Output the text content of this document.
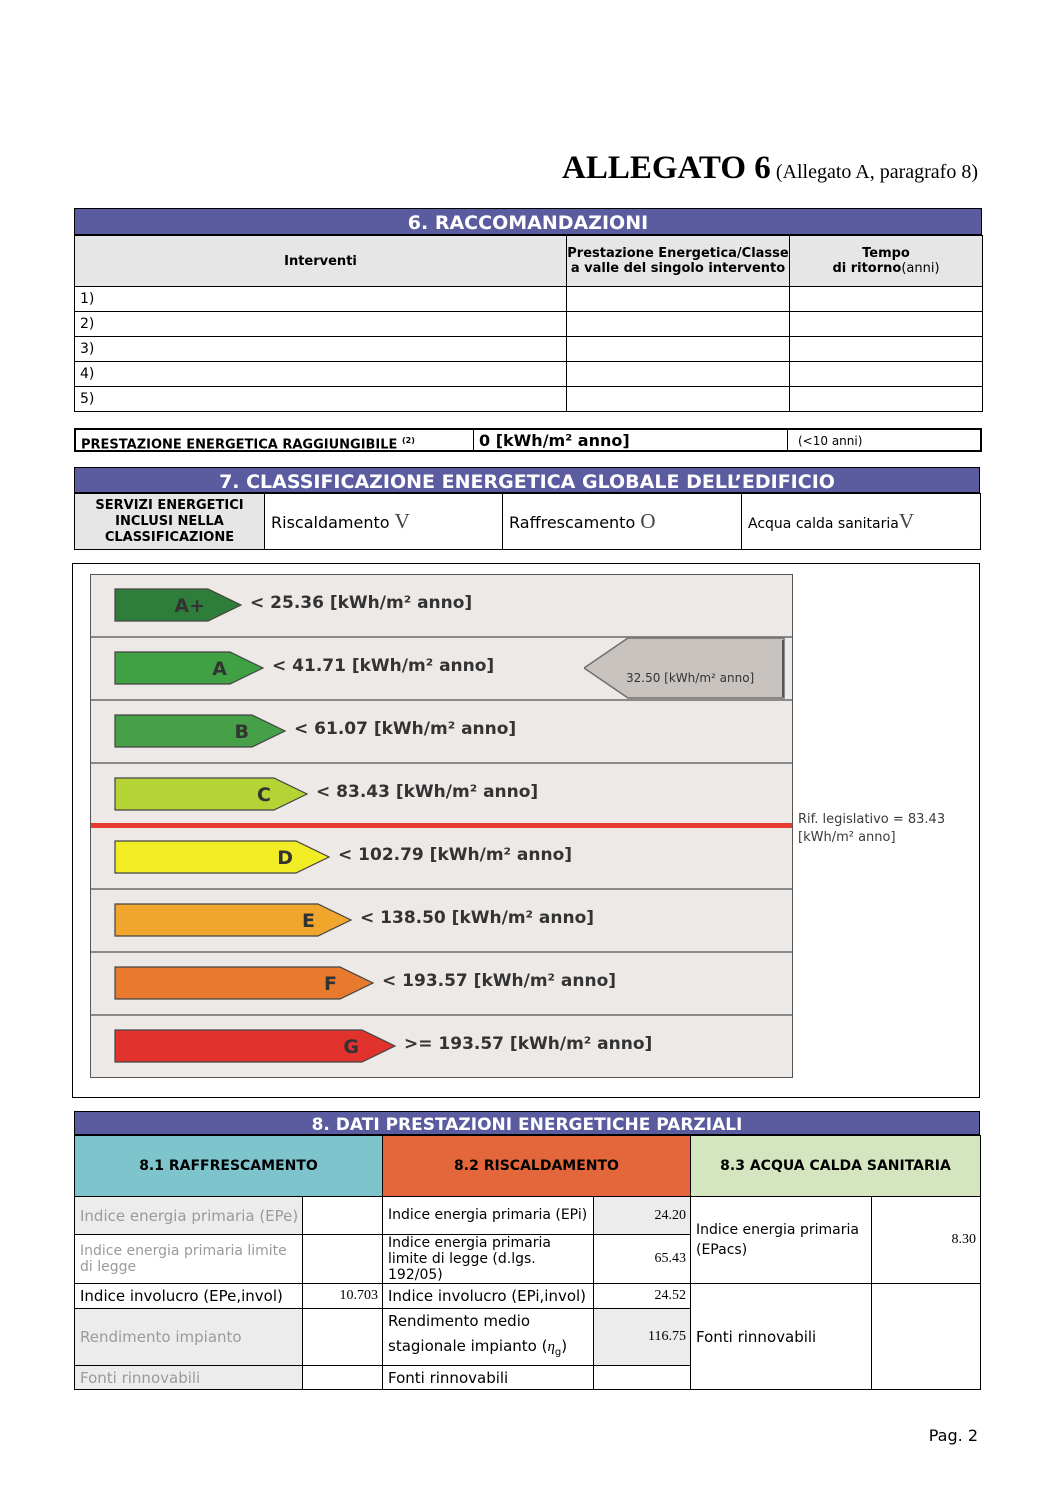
ALLEGATO 6 (Allegato A, paragrafo 8)
6. RACCOMANDAZIONI
Interventi	Prestazione Energetica/Classe a valle del singolo intervento	Tempo
di ritorno(anni)
1)		
2)		
3)		
4)		
5)		
PRESTAZIONE ENERGETICA RAGGIUNGIBILE $^{(2)}$	0 [kWh/m² anno]	(<10 anni)
7. CLASSIFICAZIONE ENERGETICA GLOBALE DELL’EDIFICIO
SERVIZI ENERGETICI INCLUSI NELLA CLASSIFICAZIONE	Riscaldamento V	Raffrescamento O	Acqua calda sanitariaV
A+	< 25.36 [kWh/m² anno]
A	< 41.71 [kWh/m² anno]
B	< 61.07 [kWh/m² anno]
C	< 83.43 [kWh/m² anno]
D	< 102.79 [kWh/m² anno]
E	< 138.50 [kWh/m² anno]
F	< 193.57 [kWh/m² anno]
G	>= 193.57 [kWh/m² anno]
Rif. legislativo = 83.43
[kWh/m² anno]
32.50 [kWh/m² anno]
8. DATI PRESTAZIONI ENERGETICHE PARZIALI
8.1 RAFFRESCAMENTO		8.2 RISCALDAMENTO		8.3 ACQUA CALDA SANITARIA	
Indice energia primaria (EPe)		Indice energia primaria (EPi)	24.20	Indice energia primaria (EPacs)	8.30
Indice energia primaria limite di legge		Indice energia primaria limite di legge (d.lgs. 192/05)	65.43		
Indice involucro (EPe,invol)	10.703	Indice involucro (EPi,invol)	24.52	Fonti rinnovabili	
Rendimento impianto		Rendimento medio stagionale impianto $(\eta_g)$	116.75		
Fonti rinnovabili		Fonti rinnovabili			
Pag. 2
